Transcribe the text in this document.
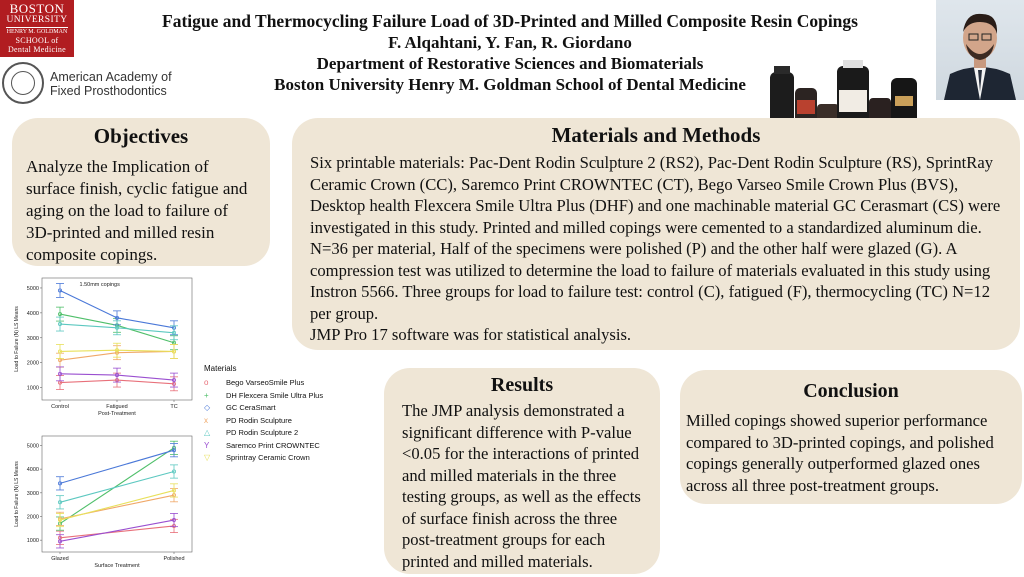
BOSTON
UNIVERSITY
HENRY M. GOLDMAN
SCHOOL of
Dental Medicine
American Academy of
Fixed Prosthodontics
Fatigue and Thermocycling Failure Load of 3D-Printed and Milled Composite Resin Copings
F. Alqahtani, Y. Fan, R. Giordano
Department of Restorative Sciences and Biomaterials
Boston University Henry M. Goldman School of Dental Medicine
Objectives

Analyze the Implication of surface finish, cyclic fatigue and aging on the load to failure of 3D-printed and milled resin composite copings.

Materials and Methods

Six printable materials: Pac-Dent Rodin Sculpture 2 (RS2), Pac-Dent Rodin Sculpture (RS), SprintRay Ceramic Crown (CC), Saremco Print CROWNTEC (CT), Bego Varseo Smile Crown Plus (BVS), Desktop health Flexcera Smile Ultra Plus (DHF) and one machinable material GC Cerasmart (CS) were investigated in this study. Printed and milled copings were cemented to a standardized aluminum die. N=36 per material, Half of the specimens were polished (P) and the other half were glazed (G). A compression test was utilized to determine the load to failure of materials evaluated in this study using Instron 5566. Three groups for load to failure test: control (C), fatigued (F), thermocycling (TC) N=12 per group.

JMP Pro 17 software was for statistical analysis.

Results

The JMP analysis demonstrated a significant difference with P-value <0.05 for the interactions of printed and milled materials in the three testing groups, as well as the effects of surface finish across the three post-treatment groups for each printed and milled materials.

Conclusion

Milled copings showed superior performance compared to 3D-printed copings, and polished copings generally outperformed glazed ones across all three post-treatment groups.

1000
2000
3000
4000
5000
Control	Fatigued	TC
Post-Treatment
Load to Failure (N) LS Means
1.50mm copings
1000
2000
3000
4000
5000
Glazed	Polished
Surface Treatment
Load to Failure (N) LS Means
Materials
o Bego VarseoSmile Plus
+ DH Flexcera Smile Ultra Plus
◇ GC CeraSmart
x PD Rodin Sculpture
△ PD Rodin Sculpture 2
Y Saremco Print CROWNTEC
▽ Sprintray Ceramic Crown
